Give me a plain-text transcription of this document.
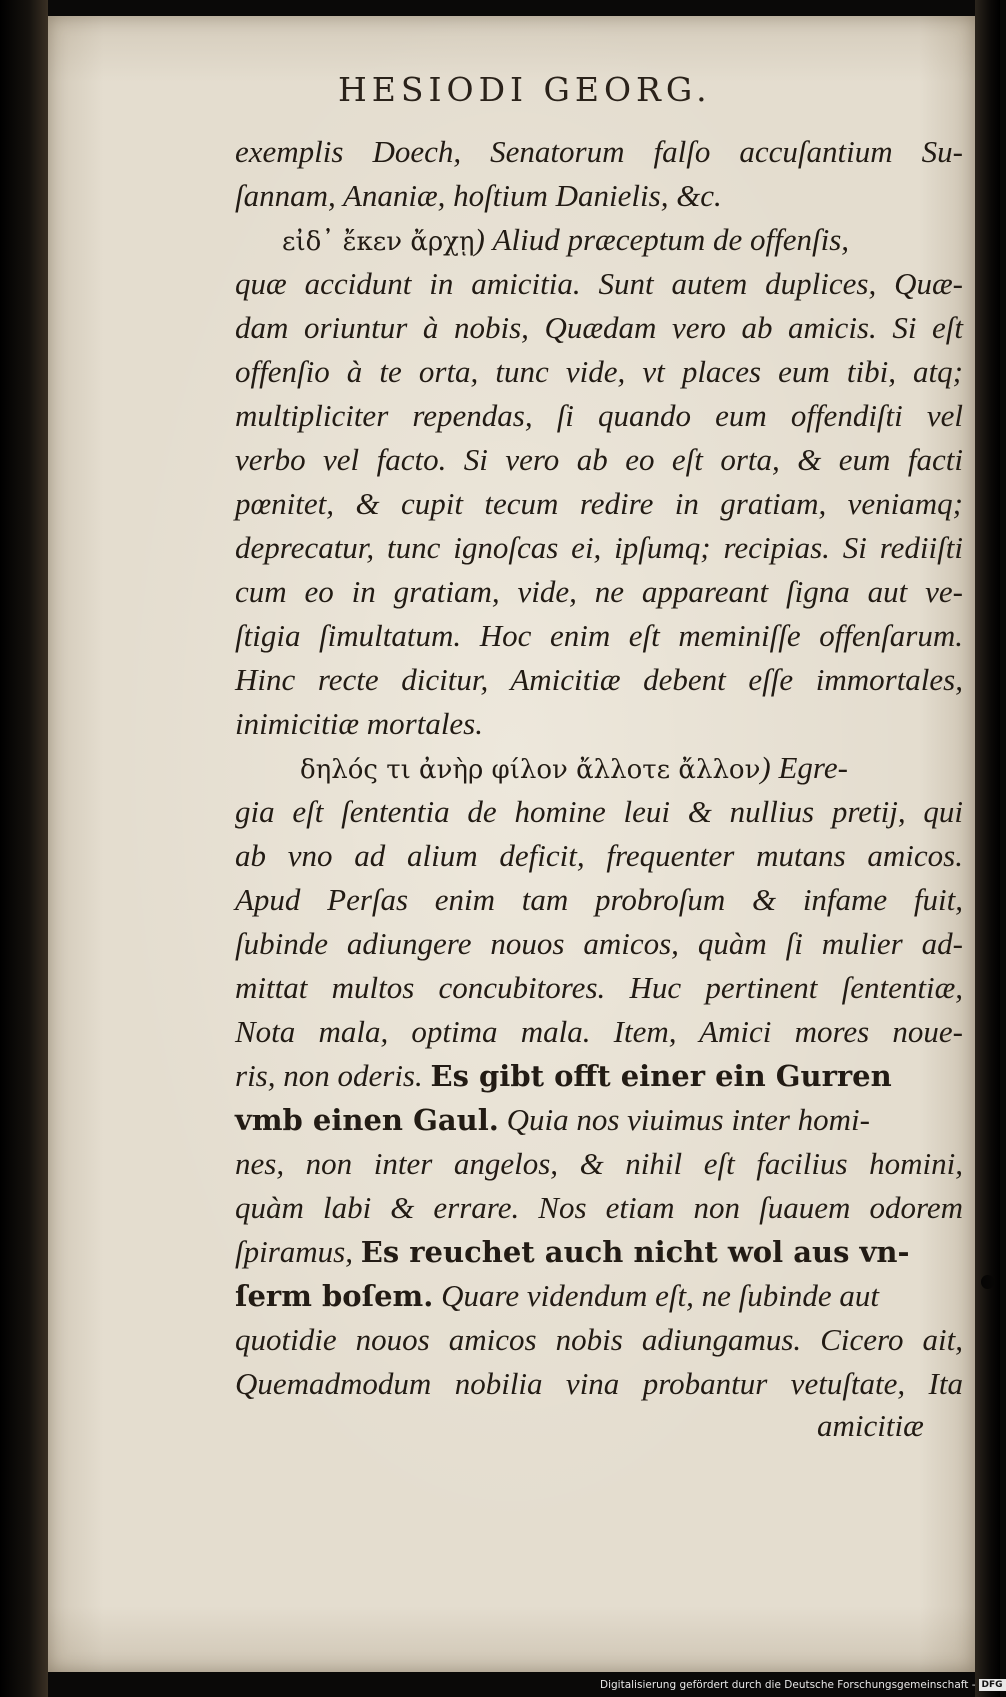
HESIODI GEORG.
exemplis Doech, Senatorum falſo accuſantium Su-
ſannam, Ananiæ, hoſtium Danielis, &c.
εἰδ᾽ ἔκεν ἄρχῃ) Aliud præceptum de offenſis,
quæ accidunt in amicitia. Sunt autem duplices, Quæ-
dam oriuntur à nobis, Quædam vero ab amicis. Si eſt
offenſio à te orta, tunc vide, vt places eum tibi, atq;
multipliciter rependas, ſi quando eum offendiſti vel
verbo vel facto. Si vero ab eo eſt orta, & eum facti
pœnitet, & cupit tecum redire in gratiam, veniamq;
deprecatur, tunc ignoſcas ei, ipſumq; recipias. Si rediiſti
cum eo in gratiam, vide, ne appareant ſigna aut ve-
ſtigia ſimultatum. Hoc enim eſt meminiſſe offenſarum.
Hinc recte dicitur, Amicitiæ debent eſſe immortales,
inimicitiæ mortales.
δηλός τι ἀνὴρ φίλον ἄλλοτε ἄλλον) Egre-
gia eſt ſententia de homine leui & nullius pretij, qui
ab vno ad alium deficit, frequenter mutans amicos.
Apud Perſas enim tam probroſum & infame fuit,
ſubinde adiungere nouos amicos, quàm ſi mulier ad-
mittat multos concubitores. Huc pertinent ſententiæ,
Nota mala, optima mala. Item, Amici mores noue-
ris, non oderis. Es gibt offt einer ein Gurren
vmb einen Gaul. Quia nos viuimus inter homi-
nes, non inter angelos, & nihil eſt facilius homini,
quàm labi & errare. Nos etiam non ſuauem odorem
ſpiramus, Es reuchet auch nicht wol aus vn-
ſerm boſem. Quare videndum eſt, ne ſubinde aut
quotidie nouos amicos nobis adiungamus. Cicero ait,
Quemadmodum nobilia vina probantur vetuſtate, Ita
amicitiæ
Digitalisierung gefördert durch die Deutsche Forschungsgemeinschaft - DFG
